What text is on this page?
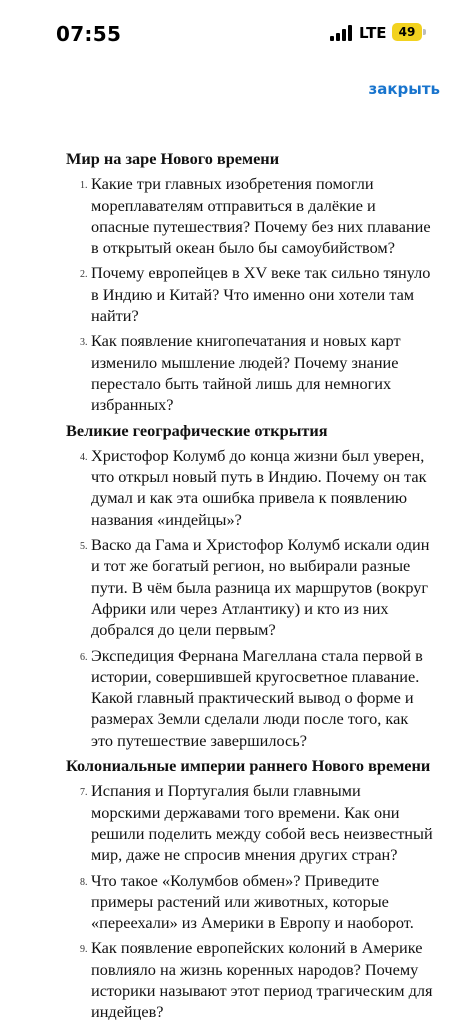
07:55	LTE	49
закрыть
Мир на заре Нового времени
1. Какие три главных изобретения помогли мореплавателям отправиться в далёкие и опасные путешествия? Почему без них плавание в открытый океан было бы самоубийством?
2. Почему европейцев в XV веке так сильно тянуло в Индию и Китай? Что именно они хотели там найти?
3. Как появление книгопечатания и новых карт изменило мышление людей? Почему знание перестало быть тайной лишь для немногих избранных?
Великие географические открытия
4. Христофор Колумб до конца жизни был уверен, что открыл новый путь в Индию. Почему он так думал и как эта ошибка привела к появлению названия «индейцы»?
5. Васко да Гама и Христофор Колумб искали один и тот же богатый регион, но выбирали разные пути. В чём была разница их маршрутов (вокруг Африки или через Атлантику) и кто из них добрался до цели первым?
6. Экспедиция Фернана Магеллана стала первой в истории, совершившей кругосветное плавание. Какой главный практический вывод о форме и размерах Земли сделали люди после того, как это путешествие завершилось?
Колониальные империи раннего Нового времени
7. Испания и Португалия были главными морскими державами того времени. Как они решили поделить между собой весь неизвестный мир, даже не спросив мнения других стран?
8. Что такое «Колумбов обмен»? Приведите примеры растений или животных, которые «переехали» из Америки в Европу и наоборот.
9. Как появление европейских колоний в Америке повлияло на жизнь коренных народов? Почему историки называют этот период трагическим для индейцев?
